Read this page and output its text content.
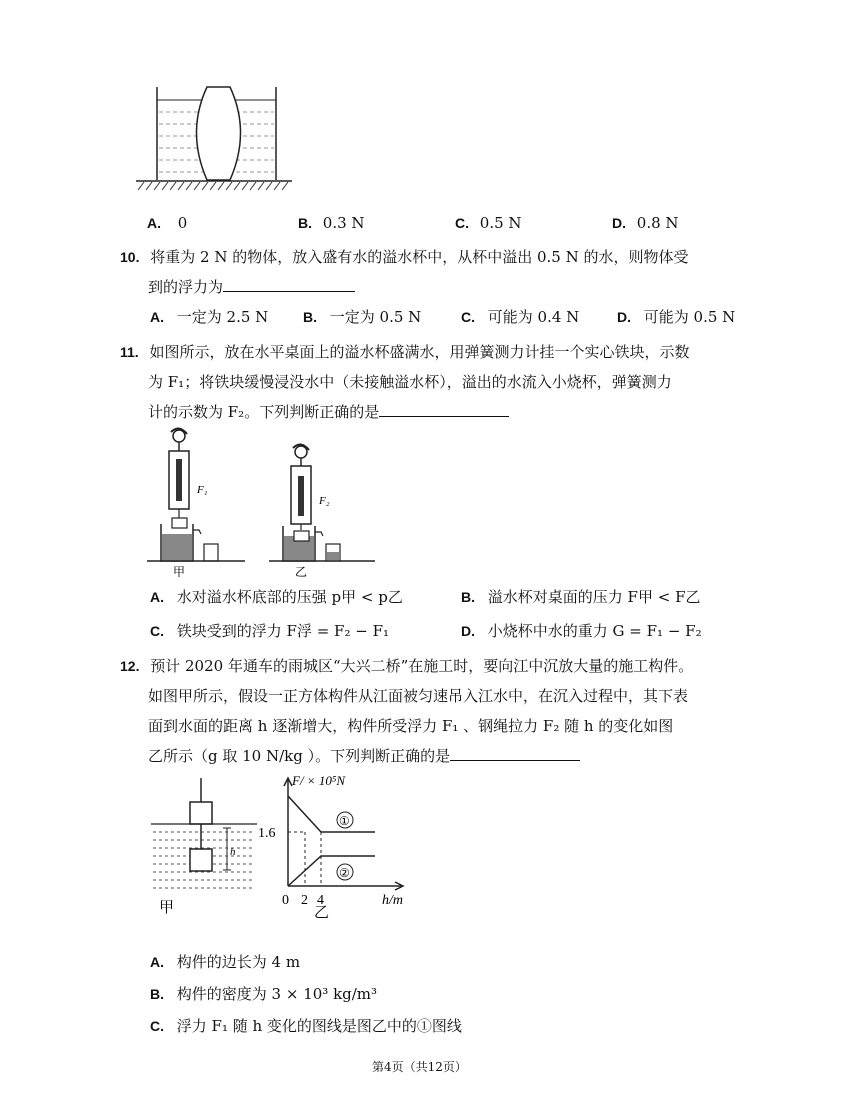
A. 0	B. 0.3 N	C. 0.5 N	D. 0.8 N
10. 将重为 2 N 的物体，放入盛有水的溢水杯中，从杯中溢出 0.5 N 的水，则物体受
到的浮力为
A. 一定为 2.5 N B. 一定为 0.5 N	C. 可能为 0.4 N	D. 可能为 0.5 N
11. 如图所示，放在水平桌面上的溢水杯盛满水，用弹簧测力计挂一个实心铁块，示数
为 F₁；将铁块缓慢浸没水中（未接触溢水杯），溢出的水流入小烧杯，弹簧测力
计的示数为 F₂。下列判断正确的是
F₁
甲
F₂
乙
A. 水对溢水杯底部的压强 p甲 < p乙	B. 溢水杯对桌面的压力 F甲 < F乙
C. 铁块受到的浮力 F浮 = F₂ − F₁	D. 小烧杯中水的重力 G = F₁ − F₂
12. 预计 2020 年通车的雨城区“大兴二桥”在施工时，要向江中沉放大量的施工构件。
如图甲所示，假设一正方体构件从江面被匀速吊入江水中，在沉入过程中，其下表
面到水面的距离 h 逐渐增大，构件所受浮力 F₁ 、钢绳拉力 F₂ 随 h 的变化如图
乙所示（g 取 10 N/kg ）。下列判断正确的是
h
甲
F/ × 10⁵N
1.6
①
②
0 2 4	h/m
乙
A. 构件的边长为 4 m
B. 构件的密度为 3 × 10³ kg/m³
C. 浮力 F₁ 随 h 变化的图线是图乙中的①图线
第4页（共12页）
